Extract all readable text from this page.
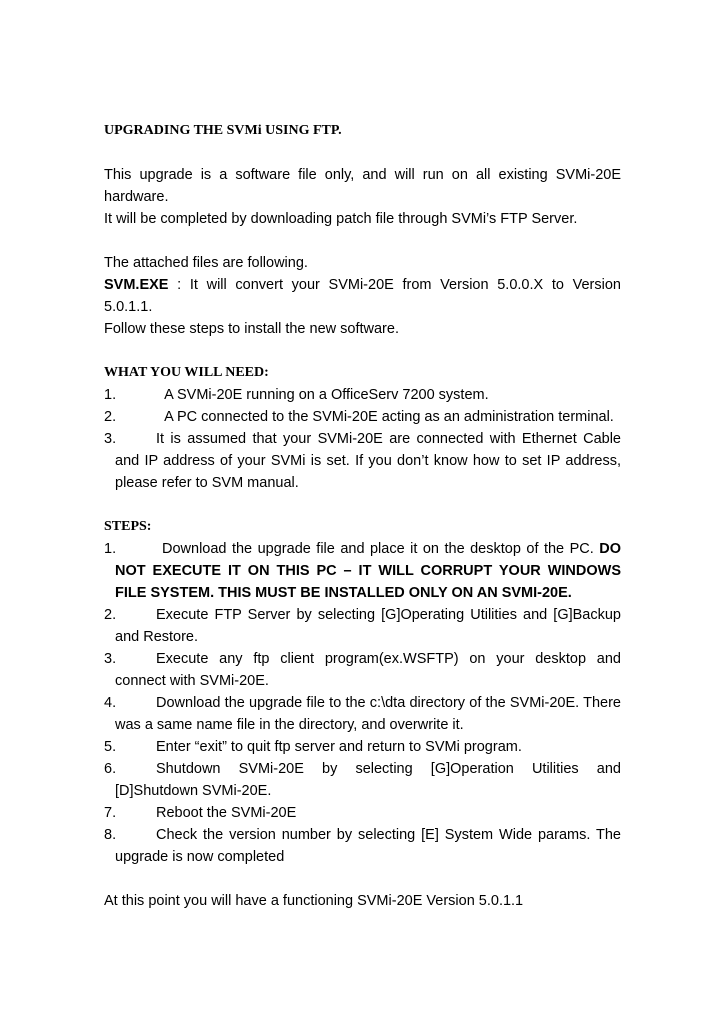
UPGRADING THE SVMi USING FTP.
This upgrade is a software file only, and will run on all existing SVMi-20E hardware.
It will be completed by downloading patch file through SVMi’s FTP Server.
The attached files are following.
SVM.EXE : It will convert your SVMi-20E from Version 5.0.0.X to Version 5.0.1.1.
Follow these steps to install the new software.
WHAT YOU WILL NEED:
1.	A SVMi-20E running on a OfficeServ 7200 system.
2.	A PC connected to the SVMi-20E acting as an administration terminal.
3.	It is assumed that your SVMi-20E are connected with Ethernet Cable and IP address of your SVMi is set. If you don’t know how to set IP address, please refer to SVM manual.
STEPS:
1.	Download the upgrade file and place it on the desktop of the PC. DO NOT EXECUTE IT ON THIS PC – IT WILL CORRUPT YOUR WINDOWS FILE SYSTEM. THIS MUST BE INSTALLED ONLY ON AN SVMI-20E.
2.	Execute FTP Server by selecting [G]Operating Utilities and [G]Backup and Restore.
3.	Execute any ftp client program(ex.WSFTP) on your desktop and connect with SVMi-20E.
4.	Download the upgrade file to the c:\dta directory of the SVMi-20E. There was a same name file in the directory, and overwrite it.
5.	Enter “exit” to quit ftp server and return to SVMi program.
6.	Shutdown SVMi-20E by selecting [G]Operation Utilities and [D]Shutdown SVMi-20E.
7.	Reboot the SVMi-20E
8.	Check the version number by selecting [E] System Wide params. The upgrade is now completed
At this point you will have a functioning SVMi-20E Version 5.0.1.1
